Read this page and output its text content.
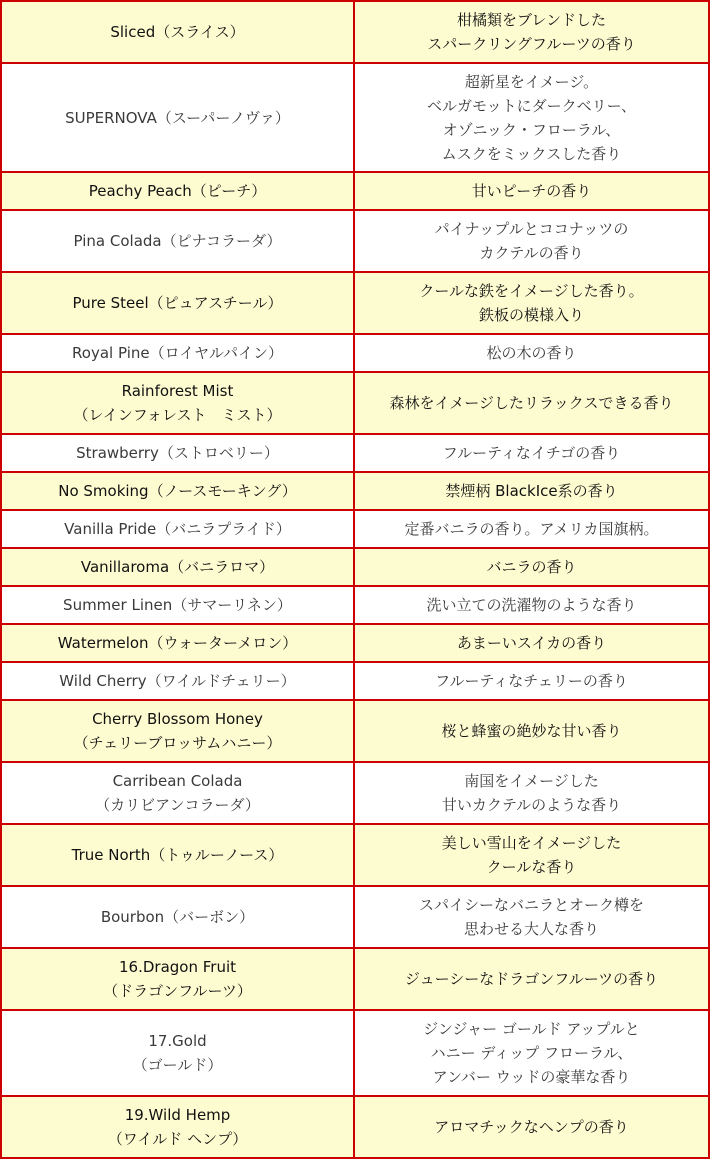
Sliced（スライス）	柑橘類をブレンドした
スパークリングフルーツの香り

SUPERNOVA（スーパーノヴァ）	超新星をイメージ。
ベルガモットにダークベリー、
オゾニック・フローラル、
ムスクをミックスした香り

Peachy Peach（ピーチ）	甘いピーチの香り

Pina Colada（ピナコラーダ）	パイナップルとココナッツの
カクテルの香り

Pure Steel（ピュアスチール）	クールな鉄をイメージした香り。
鉄板の模様入り

Royal Pine（ロイヤルパイン）	松の木の香り

Rainforest Mist
（レインフォレスト　ミスト）	森林をイメージしたリラックスできる香り

Strawberry（ストロベリー）	フルーティなイチゴの香り

No Smoking（ノースモーキング）	禁煙柄 BlackIce系の香り

Vanilla Pride（バニラプライド）	定番バニラの香り。アメリカ国旗柄。

Vanillaroma（バニラロマ）	バニラの香り

Summer Linen（サマーリネン）	洗い立ての洗濯物のような香り

Watermelon（ウォーターメロン）	あまーいスイカの香り

Wild Cherry（ワイルドチェリー）	フルーティなチェリーの香り

Cherry Blossom Honey
（チェリーブロッサムハニー）	桜と蜂蜜の絶妙な甘い香り

Carribean Colada
（カリビアンコラーダ）	南国をイメージした
甘いカクテルのような香り

True North（トゥルーノース）	美しい雪山をイメージした
クールな香り

Bourbon（バーボン）	スパイシーなバニラとオーク樽を
思わせる大人な香り

16.Dragon Fruit
（ドラゴンフルーツ）	ジューシーなドラゴンフルーツの香り

17.Gold
（ゴールド）	ジンジャー ゴールド アップルと
ハニー ディップ フローラル、
アンバー ウッドの豪華な香り

19.Wild Hemp
（ワイルド ヘンプ）	アロマチックなヘンプの香り
